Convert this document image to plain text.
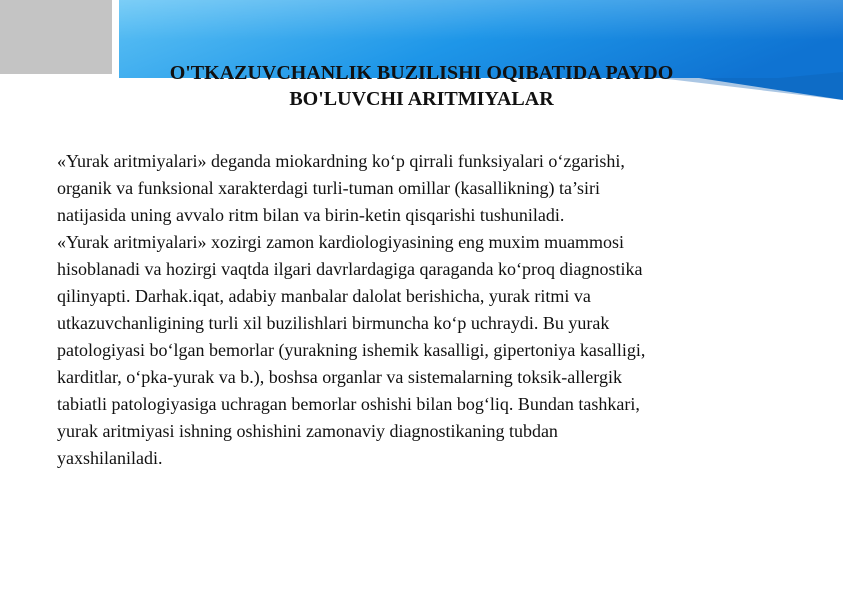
O'TKAZUVCHANLIK BUZILISHI OQIBATIDA PAYDO
BO'LUVCHI ARITMIYALAR
«Yurak aritmiyalari» deganda miokardning ko‘p qirrali funksiyalari o‘zgarishi,
organik va funksional xarakterdagi turli-tuman omillar (kasallikning) ta’siri
natijasida uning avvalo ritm bilan va birin-ketin qisqarishi tushuniladi.
«Yurak aritmiyalari» xozirgi zamon kardiologiyasining eng muxim muammosi
hisoblanadi va hozirgi vaqtda ilgari davrlardagiga qaraganda ko‘proq diagnostika
qilinyapti. Darhak.iqat, adabiy manbalar dalolat berishicha, yurak ritmi va
utkazuvchanligining turli xil buzilishlari birmuncha ko‘p uchraydi. Bu yurak
patologiyasi bo‘lgan bemorlar (yurakning ishemik kasalligi, gipertoniya kasalligi,
karditlar, o‘pka-yurak va b.), boshsa organlar va sistemalarning toksik-allergik
tabiatli patologiyasiga uchragan bemorlar oshishi bilan bog‘liq. Bundan tashkari,
yurak aritmiyasi ishning oshishini zamonaviy diagnostikaning tubdan
yaxshilaniladi.
